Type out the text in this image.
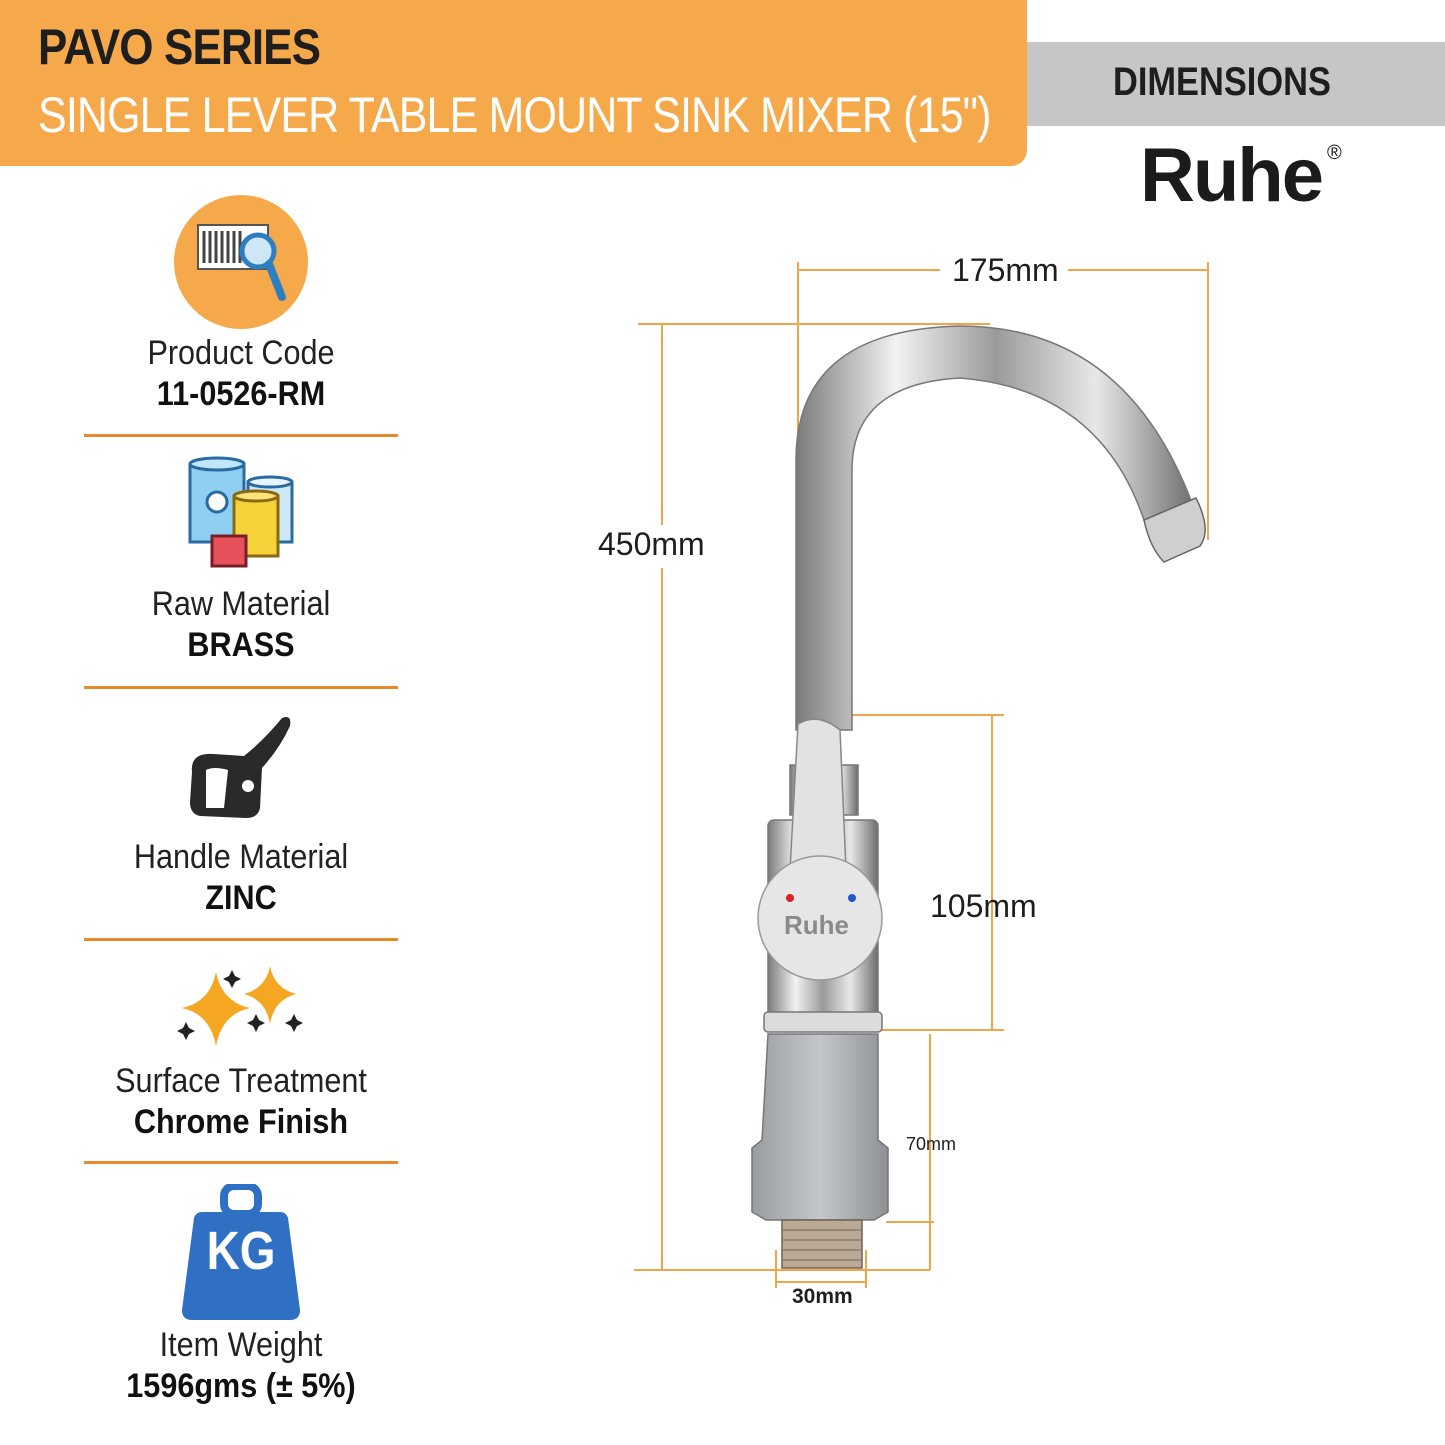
PAVO SERIES
SINGLE LEVER TABLE MOUNT SINK MIXER (15")
DIMENSIONS
Ruhe ®
Product Code
11-0526-RM
Raw Material
BRASS
Handle Material
ZINC
Surface Treatment
Chrome Finish
KG
Item Weight
1596gms (± 5%)
Ruhe
175mm
450mm
105mm
70mm
30mm
